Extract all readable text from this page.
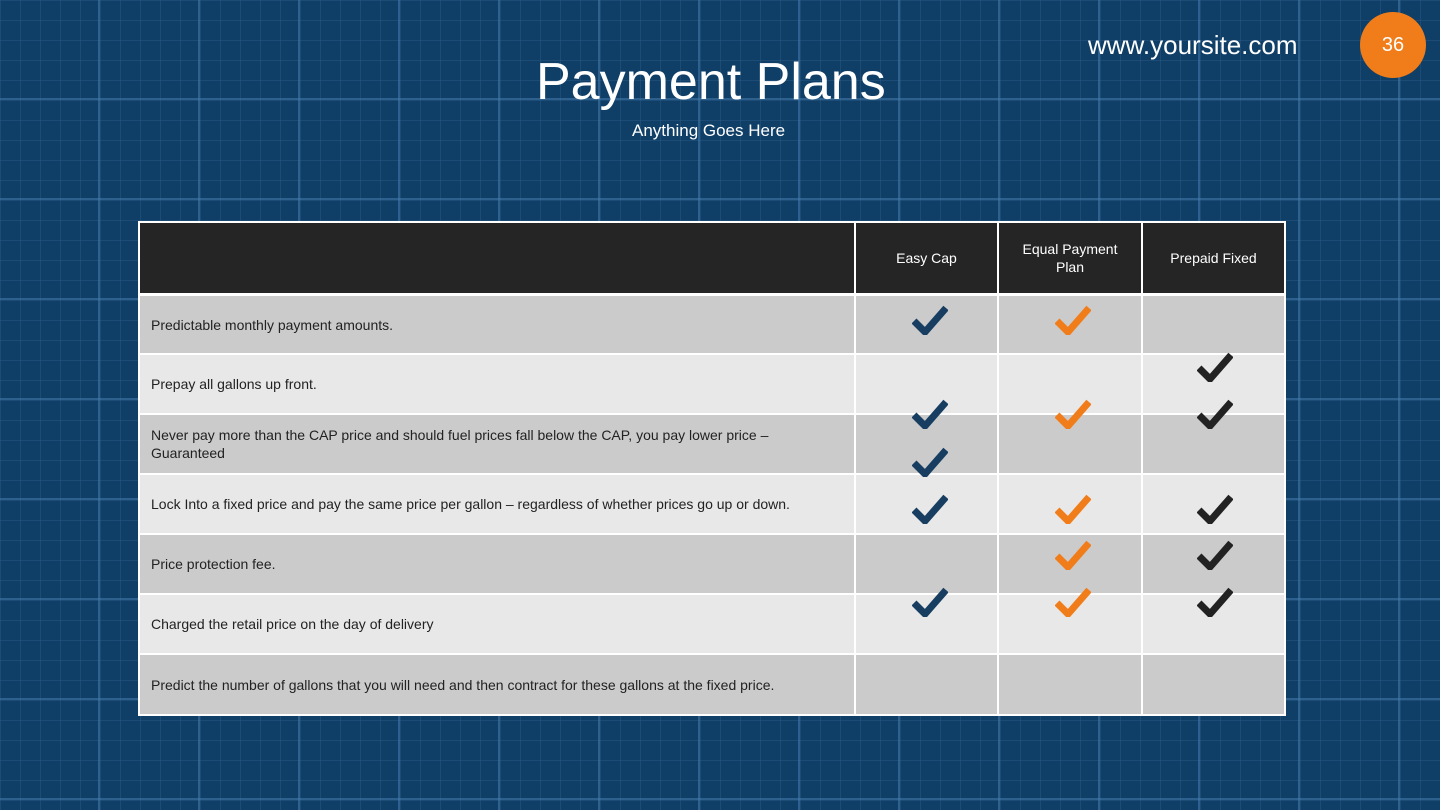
www.yoursite.com	36
Payment Plans
Anything Goes Here
Easy Cap
Equal Payment Plan
Prepaid Fixed
Predictable monthly payment amounts.
Prepay all gallons up front.
Never pay more than the CAP price and should fuel prices fall below the CAP, you pay lower price – Guaranteed
Lock Into a fixed price and pay the same price per gallon – regardless of whether prices go up or down.
Price protection fee.
Charged the retail price on the day of delivery
Predict the number of gallons that you will need and then contract for these gallons at the fixed price.
